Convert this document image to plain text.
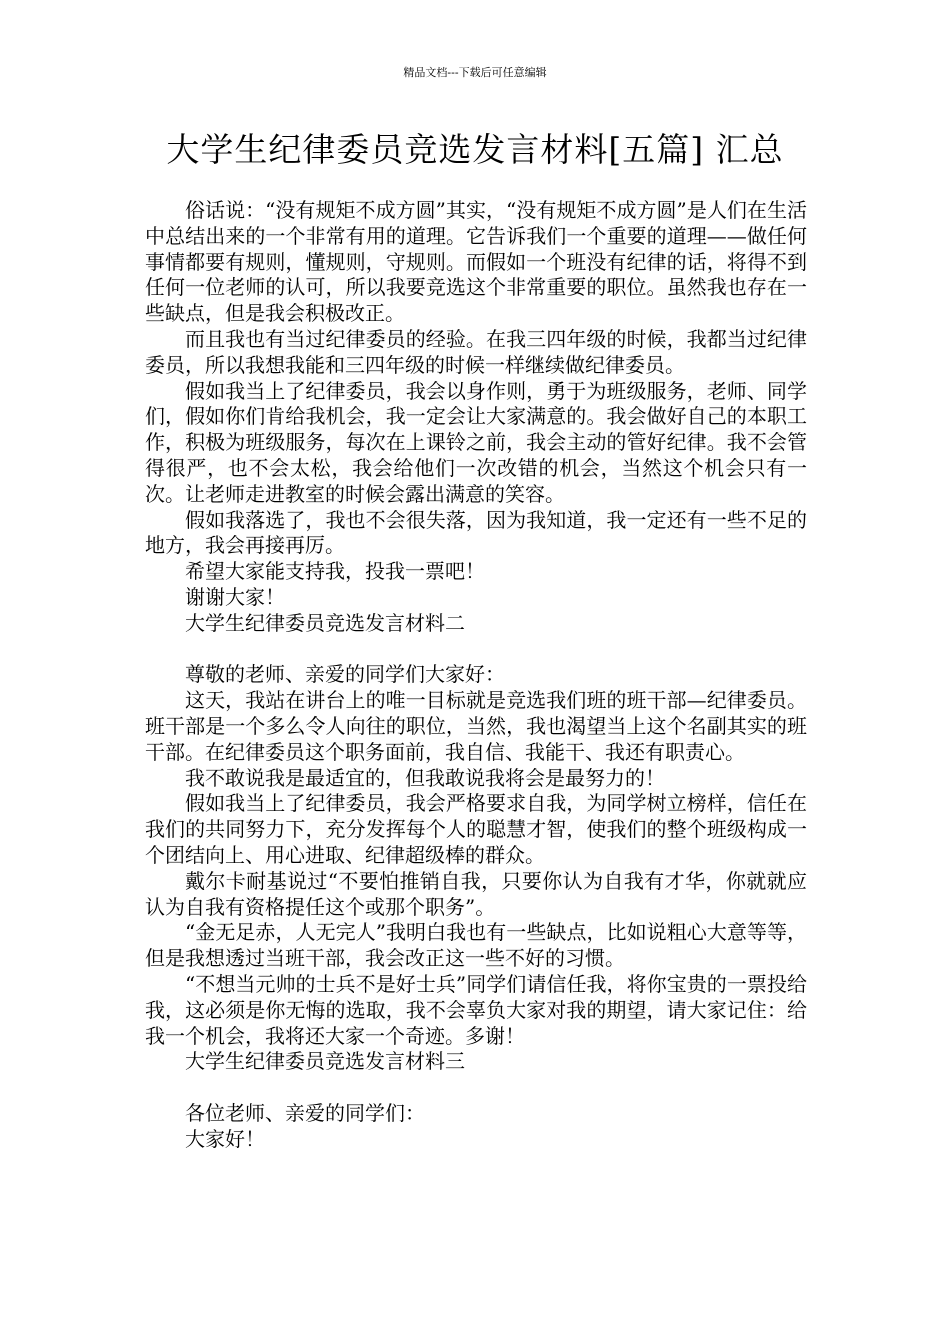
精品文档---下载后可任意编辑
大学生纪律委员竞选发言材料[五篇] 汇总

俗话说：“没有规矩不成方圆”其实，“没有规矩不成方圆”是人们在生活中总结出来的一个非常有用的道理。它告诉我们一个重要的道理——做任何事情都要有规则，懂规则，守规则。而假如一个班没有纪律的话，将得不到任何一位老师的认可，所以我要竞选这个非常重要的职位。虽然我也存在一些缺点，但是我会积极改正。

而且我也有当过纪律委员的经验。在我三四年级的时候，我都当过纪律委员，所以我想我能和三四年级的时候一样继续做纪律委员。

假如我当上了纪律委员，我会以身作则，勇于为班级服务，老师、同学们，假如你们肯给我机会，我一定会让大家满意的。我会做好自己的本职工作，积极为班级服务，每次在上课铃之前，我会主动的管好纪律。我不会管得很严，也不会太松，我会给他们一次改错的机会，当然这个机会只有一次。让老师走进教室的时候会露出满意的笑容。

假如我落选了，我也不会很失落，因为我知道，我一定还有一些不足的地方，我会再接再厉。

希望大家能支持我，投我一票吧！

谢谢大家！

大学生纪律委员竞选发言材料二

尊敬的老师、亲爱的同学们大家好：

这天，我站在讲台上的唯一目标就是竞选我们班的班干部—纪律委员。班干部是一个多么令人向往的职位，当然，我也渴望当上这个名副其实的班干部。在纪律委员这个职务面前，我自信、我能干、我还有职责心。

我不敢说我是最适宜的，但我敢说我将会是最努力的！

假如我当上了纪律委员，我会严格要求自我，为同学树立榜样，信任在我们的共同努力下，充分发挥每个人的聪慧才智，使我们的整个班级构成一个团结向上、用心进取、纪律超级棒的群众。

戴尔卡耐基说过“不要怕推销自我，只要你认为自我有才华，你就就应认为自我有资格提任这个或那个职务”。

“金无足赤，人无完人”我明白我也有一些缺点，比如说粗心大意等等，但是我想透过当班干部，我会改正这一些不好的习惯。

“不想当元帅的士兵不是好士兵”同学们请信任我，将你宝贵的一票投给我，这必须是你无悔的选取，我不会辜负大家对我的期望，请大家记住：给我一个机会，我将还大家一个奇迹。多谢！

大学生纪律委员竞选发言材料三

各位老师、亲爱的同学们：

大家好！
